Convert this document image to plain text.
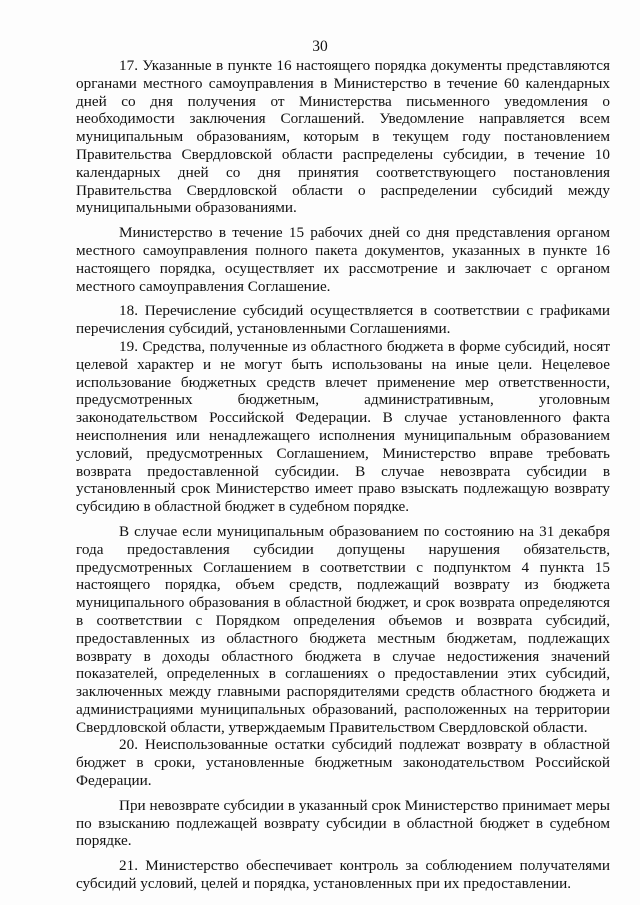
30

17. Указанные в пункте 16 настоящего порядка документы представляются органами местного самоуправления в Министерство в течение 60 календарных дней со дня получения от Министерства письменного уведомления о необходимости заключения Соглашений. Уведомление направляется всем муниципальным образованиям, которым в текущем году постановлением Правительства Свердловской области распределены субсидии, в течение 10 календарных дней со дня принятия соответствующего постановления Правительства Свердловской области о распределении субсидий между муниципальными образованиями.

Министерство в течение 15 рабочих дней со дня представления органом местного самоуправления полного пакета документов, указанных в пункте 16 настоящего порядка, осуществляет их рассмотрение и заключает с органом местного самоуправления Соглашение.

18. Перечисление субсидий осуществляется в соответствии с графиками перечисления субсидий, установленными Соглашениями.

19. Средства, полученные из областного бюджета в форме субсидий, носят целевой характер и не могут быть использованы на иные цели. Нецелевое использование бюджетных средств влечет применение мер ответственности, предусмотренных бюджетным, административным, уголовным законодательством Российской Федерации. В случае установленного факта неисполнения или ненадлежащего исполнения муниципальным образованием условий, предусмотренных Соглашением, Министерство вправе требовать возврата предоставленной субсидии. В случае невозврата субсидии в установленный срок Министерство имеет право взыскать подлежащую возврату субсидию в областной бюджет в судебном порядке.

В случае если муниципальным образованием по состоянию на 31 декабря года предоставления субсидии допущены нарушения обязательств, предусмотренных Соглашением в соответствии с подпунктом 4 пункта 15 настоящего порядка, объем средств, подлежащий возврату из бюджета муниципального образования в областной бюджет, и срок возврата определяются в соответствии с Порядком определения объемов и возврата субсидий, предоставленных из областного бюджета местным бюджетам, подлежащих возврату в доходы областного бюджета в случае недостижения значений показателей, определенных в соглашениях о предоставлении этих субсидий, заключенных между главными распорядителями средств областного бюджета и администрациями муниципальных образований, расположенных на территории Свердловской области, утверждаемым Правительством Свердловской области.

20. Неиспользованные остатки субсидий подлежат возврату в областной бюджет в сроки, установленные бюджетным законодательством Российской Федерации.

При невозврате субсидии в указанный срок Министерство принимает меры по взысканию подлежащей возврату субсидии в областной бюджет в судебном порядке.

21. Министерство обеспечивает контроль за соблюдением получателями субсидий условий, целей и порядка, установленных при их предоставлении.
